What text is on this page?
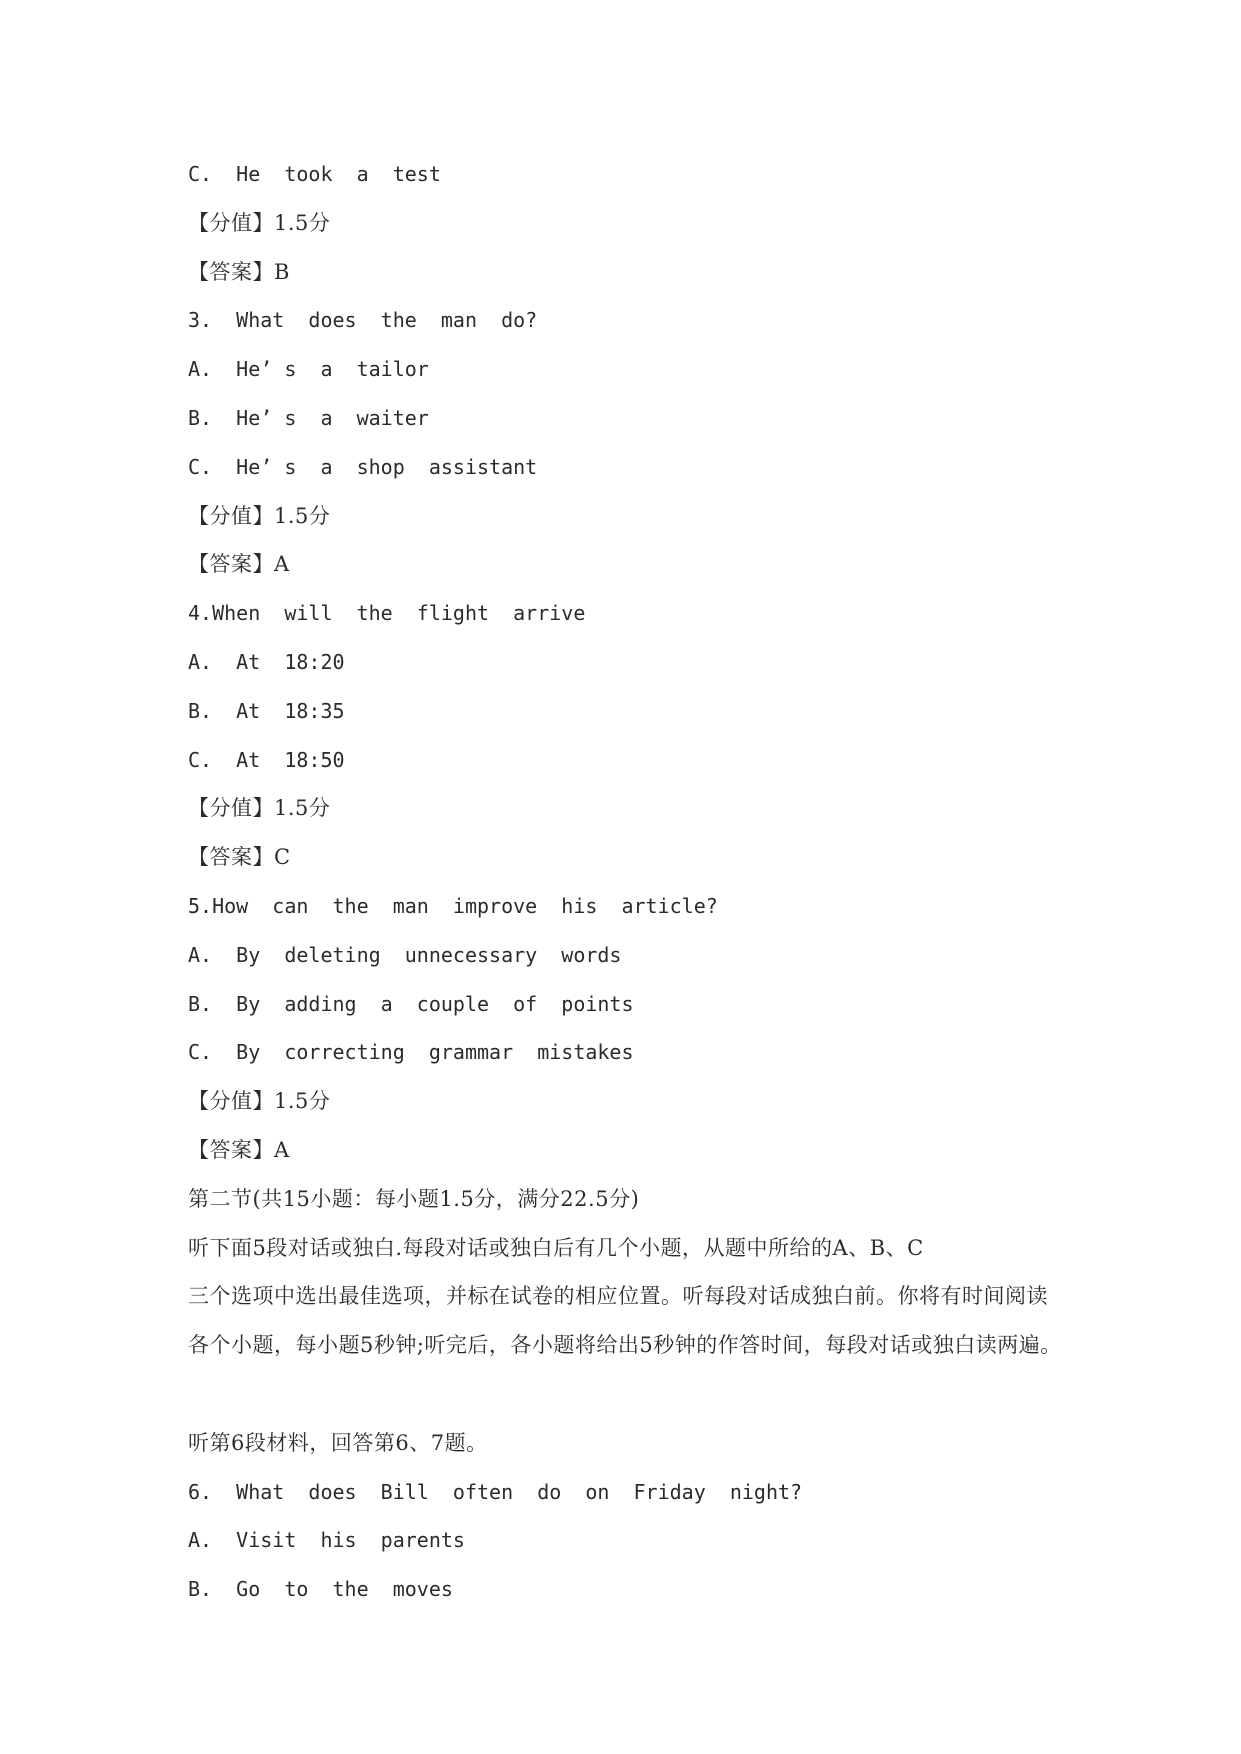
C.  He  took  a  test
【分值】1.5分
【答案】B
3.  What  does  the  man  do?
A.  He’ s  a  tailor
B.  He’ s  a  waiter
C.  He’ s  a  shop  assistant
【分值】1.5分
【答案】A
4.When  will  the  flight  arrive
A.  At  18:20
B.  At  18:35
C.  At  18:50
【分值】1.5分
【答案】C
5.How  can  the  man  improve  his  article?
A.  By  deleting  unnecessary  words
B.  By  adding  a  couple  of  points
C.  By  correcting  grammar  mistakes
【分值】1.5分
【答案】A
第二节(共15小题：每小题1.5分，满分22.5分)
听下面5段对话或独白.每段对话或独白后有几个小题，从题中所给的A、B、C
三个选项中选出最佳选项，并标在试卷的相应位置。听每段对话成独白前。你将有时间阅读
各个小题，每小题5秒钟;听完后，各小题将给出5秒钟的作答时间，每段对话或独白读两遍。
听第6段材料，回答第6、7题。
6.  What  does  Bill  often  do  on  Friday  night?
A.  Visit  his  parents
B.  Go  to  the  moves
